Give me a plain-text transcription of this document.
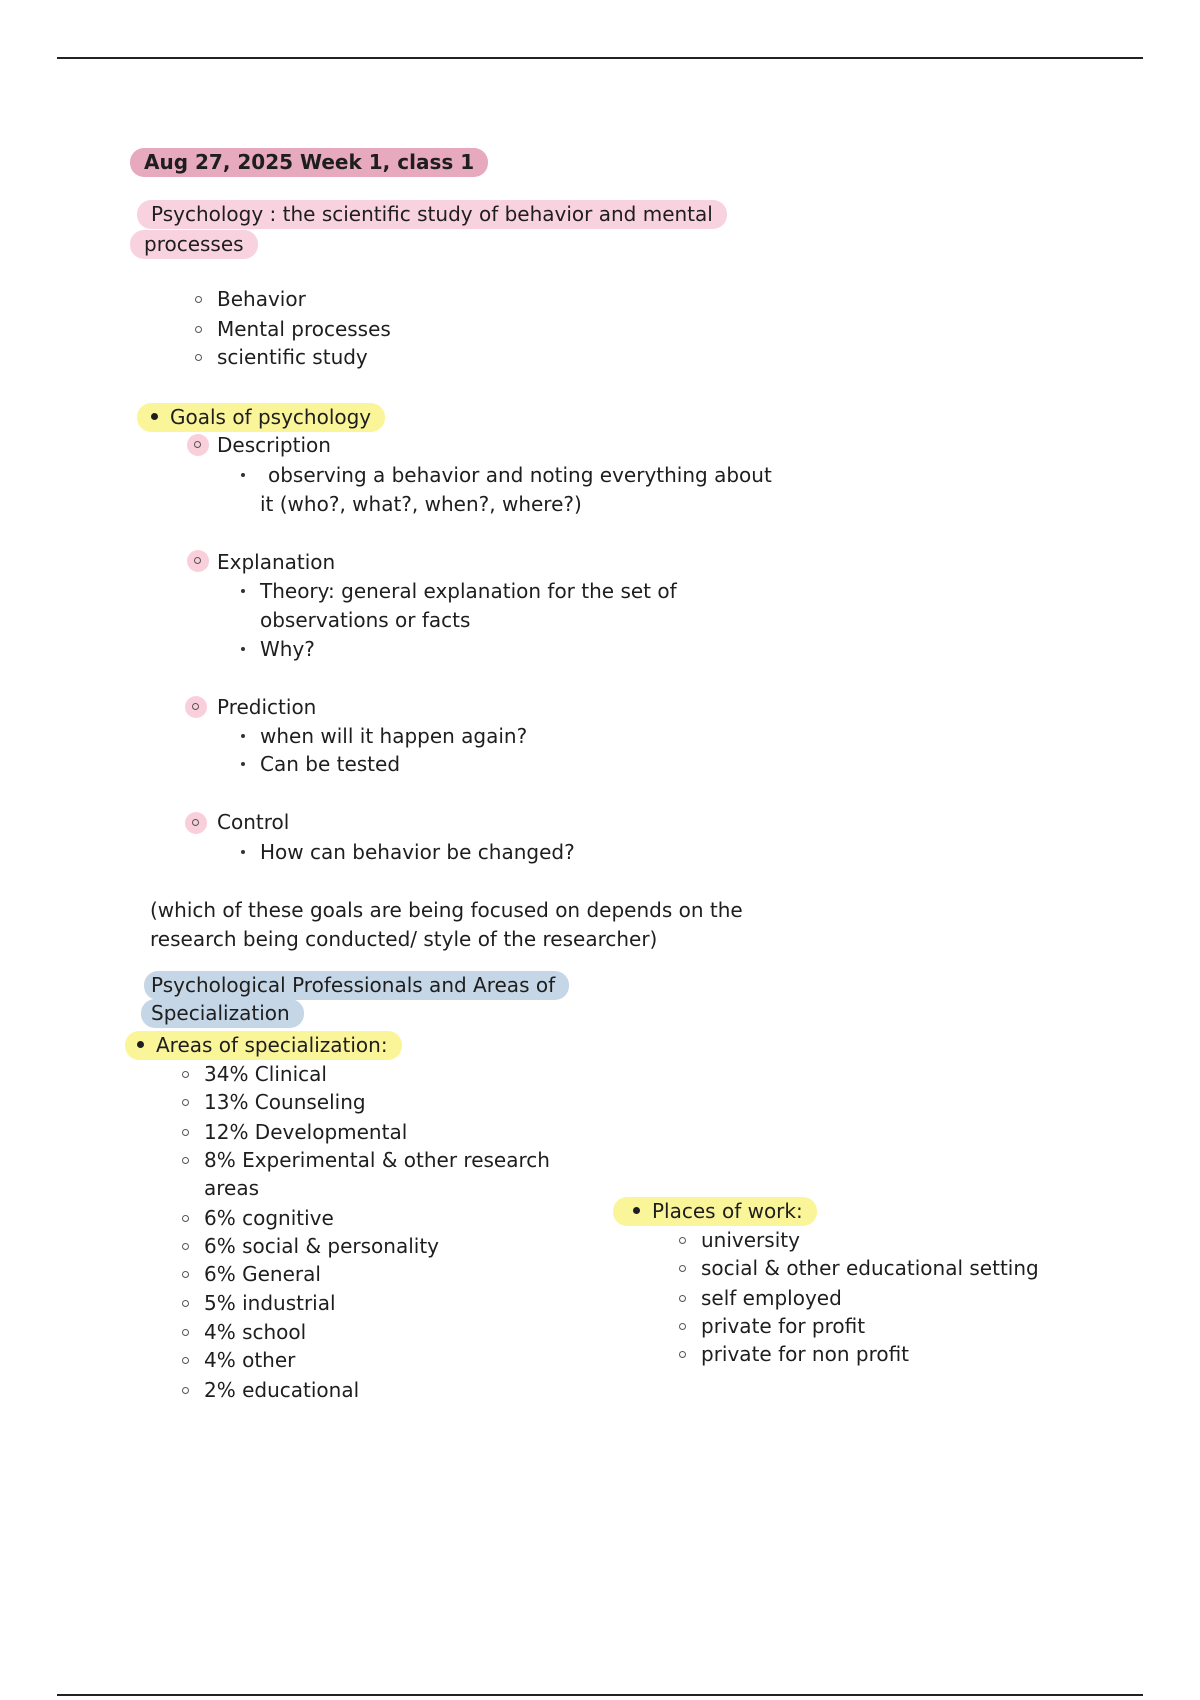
Aug 27, 2025 Week 1, class 1
Psychology : the scientific study of behavior and mental
processes
Behavior
Mental processes
scientific study
Goals of psychology
Description
observing a behavior and noting everything about
it (who?, what?, when?, where?)
Explanation
Theory: general explanation for the set of
observations or facts
Why?
Prediction
when will it happen again?
Can be tested
Control
How can behavior be changed?
(which of these goals are being focused on depends on the
research being conducted/ style of the researcher)
Psychological Professionals and Areas of
Specialization
Areas of specialization:
34% Clinical
13% Counseling
12% Developmental
8% Experimental & other research
areas
6% cognitive
6% social & personality
6% General
5% industrial
4% school
4% other
2% educational
Places of work:
university
social & other educational setting
self employed
private for profit
private for non profit
